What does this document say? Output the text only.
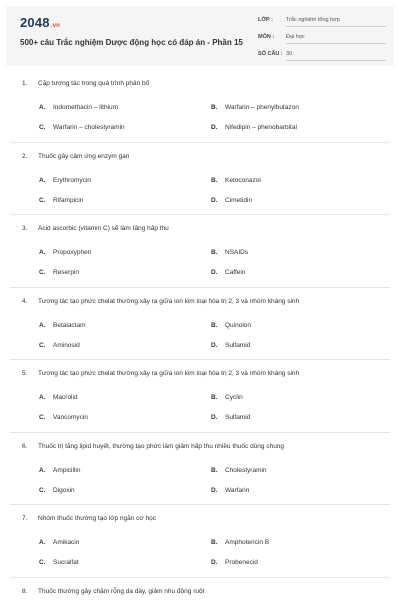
2048.vn
500+ câu Trắc nghiệm Dược động học có đáp án - Phần 15
LỚP : Trắc nghiệm tổng hợp
MÔN : Đại học
SỐ CÂU : 30
1. Cặp tương tác trong quá trình phân bố
A. Indomethacin – lithium	B. Warfarin – phenylbutazon
C. Warfarin – cholestyramin	D. Nifedipin – phenobarbital
2. Thuốc gây cảm ứng enzym gan
A. Erythromycin	B. Ketoconazol
C. Rifampicin	D. Cimetidin
3. Acid ascorbic (vitamin C) sẽ làm tăng hấp thu
A. Propoxyphen	B. NSAIDs
C. Reserpin	D. Caffein
4. Tương tác tạo phức chelat thường xảy ra giữa ion kim loại hóa trị 2, 3 và nhóm kháng sinh
A. Betalactam	B. Quinolon
C. Aminosid	D. Sulfamid
5. Tương tác tạo phức chelat thường xảy ra giữa ion kim loại hóa trị 2, 3 và nhóm kháng sinh
A. Macrolid	B. Cyclin
C. Vancomycin	D. Sulfamid
6. Thuốc trị tăng lipid huyết, thường tạo phức làm giảm hấp thu nhiều thuốc dùng chung
A. Ampicillin	B. Cholestyramin
C. Digoxin	D. Warfarin
7. Nhóm thuốc thường tạo lớp ngăn cơ học
A. Amikacin	B. Amphotericin B
C. Sucralfat	D. Probenecid
8. Thuốc thường gây chậm rỗng dạ dày, giảm nhu động ruột
